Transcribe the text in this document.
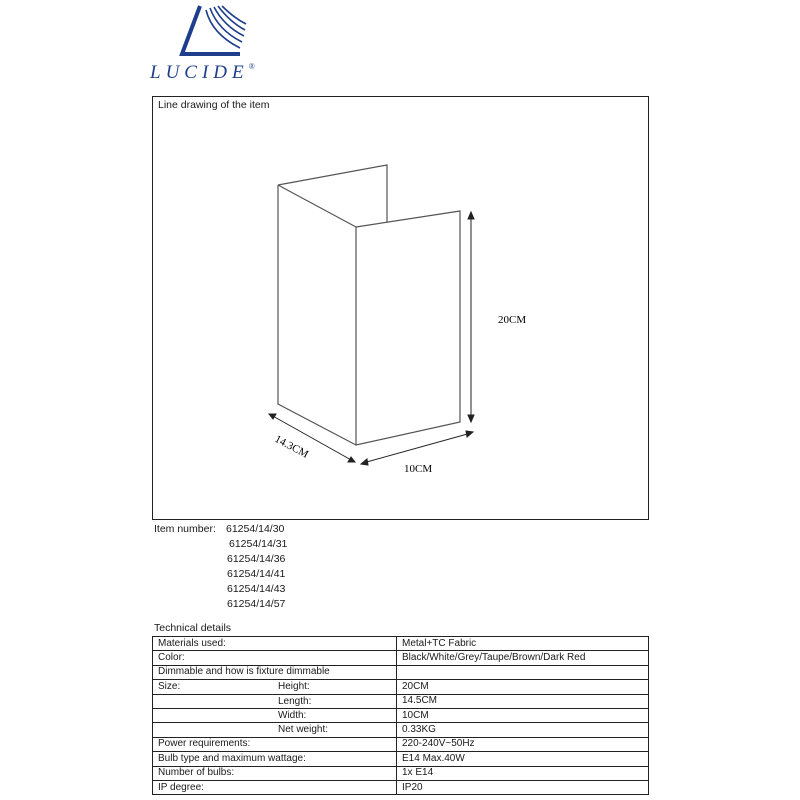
LUCIDE®
Line drawing of the item
20CM
10CM
14.3CM
Item number: 61254/14/30
61254/14/31
61254/14/36
61254/14/41
61254/14/43
61254/14/57
Technical details
Materials used:	Metal+TC Fabric
Color:	Black/White/Grey/Taupe/Brown/Dark Red
Dimmable and how is fixture dimmable

Size: Height:	20CM

Length:	14.5CM

Width:	10CM

Net weight:	0.33KG
Power requirements:	220-240V~50Hz
Bulb type and maximum wattage:	E14 Max.40W
Number of bulbs:	1x E14
IP degree:	IP20
